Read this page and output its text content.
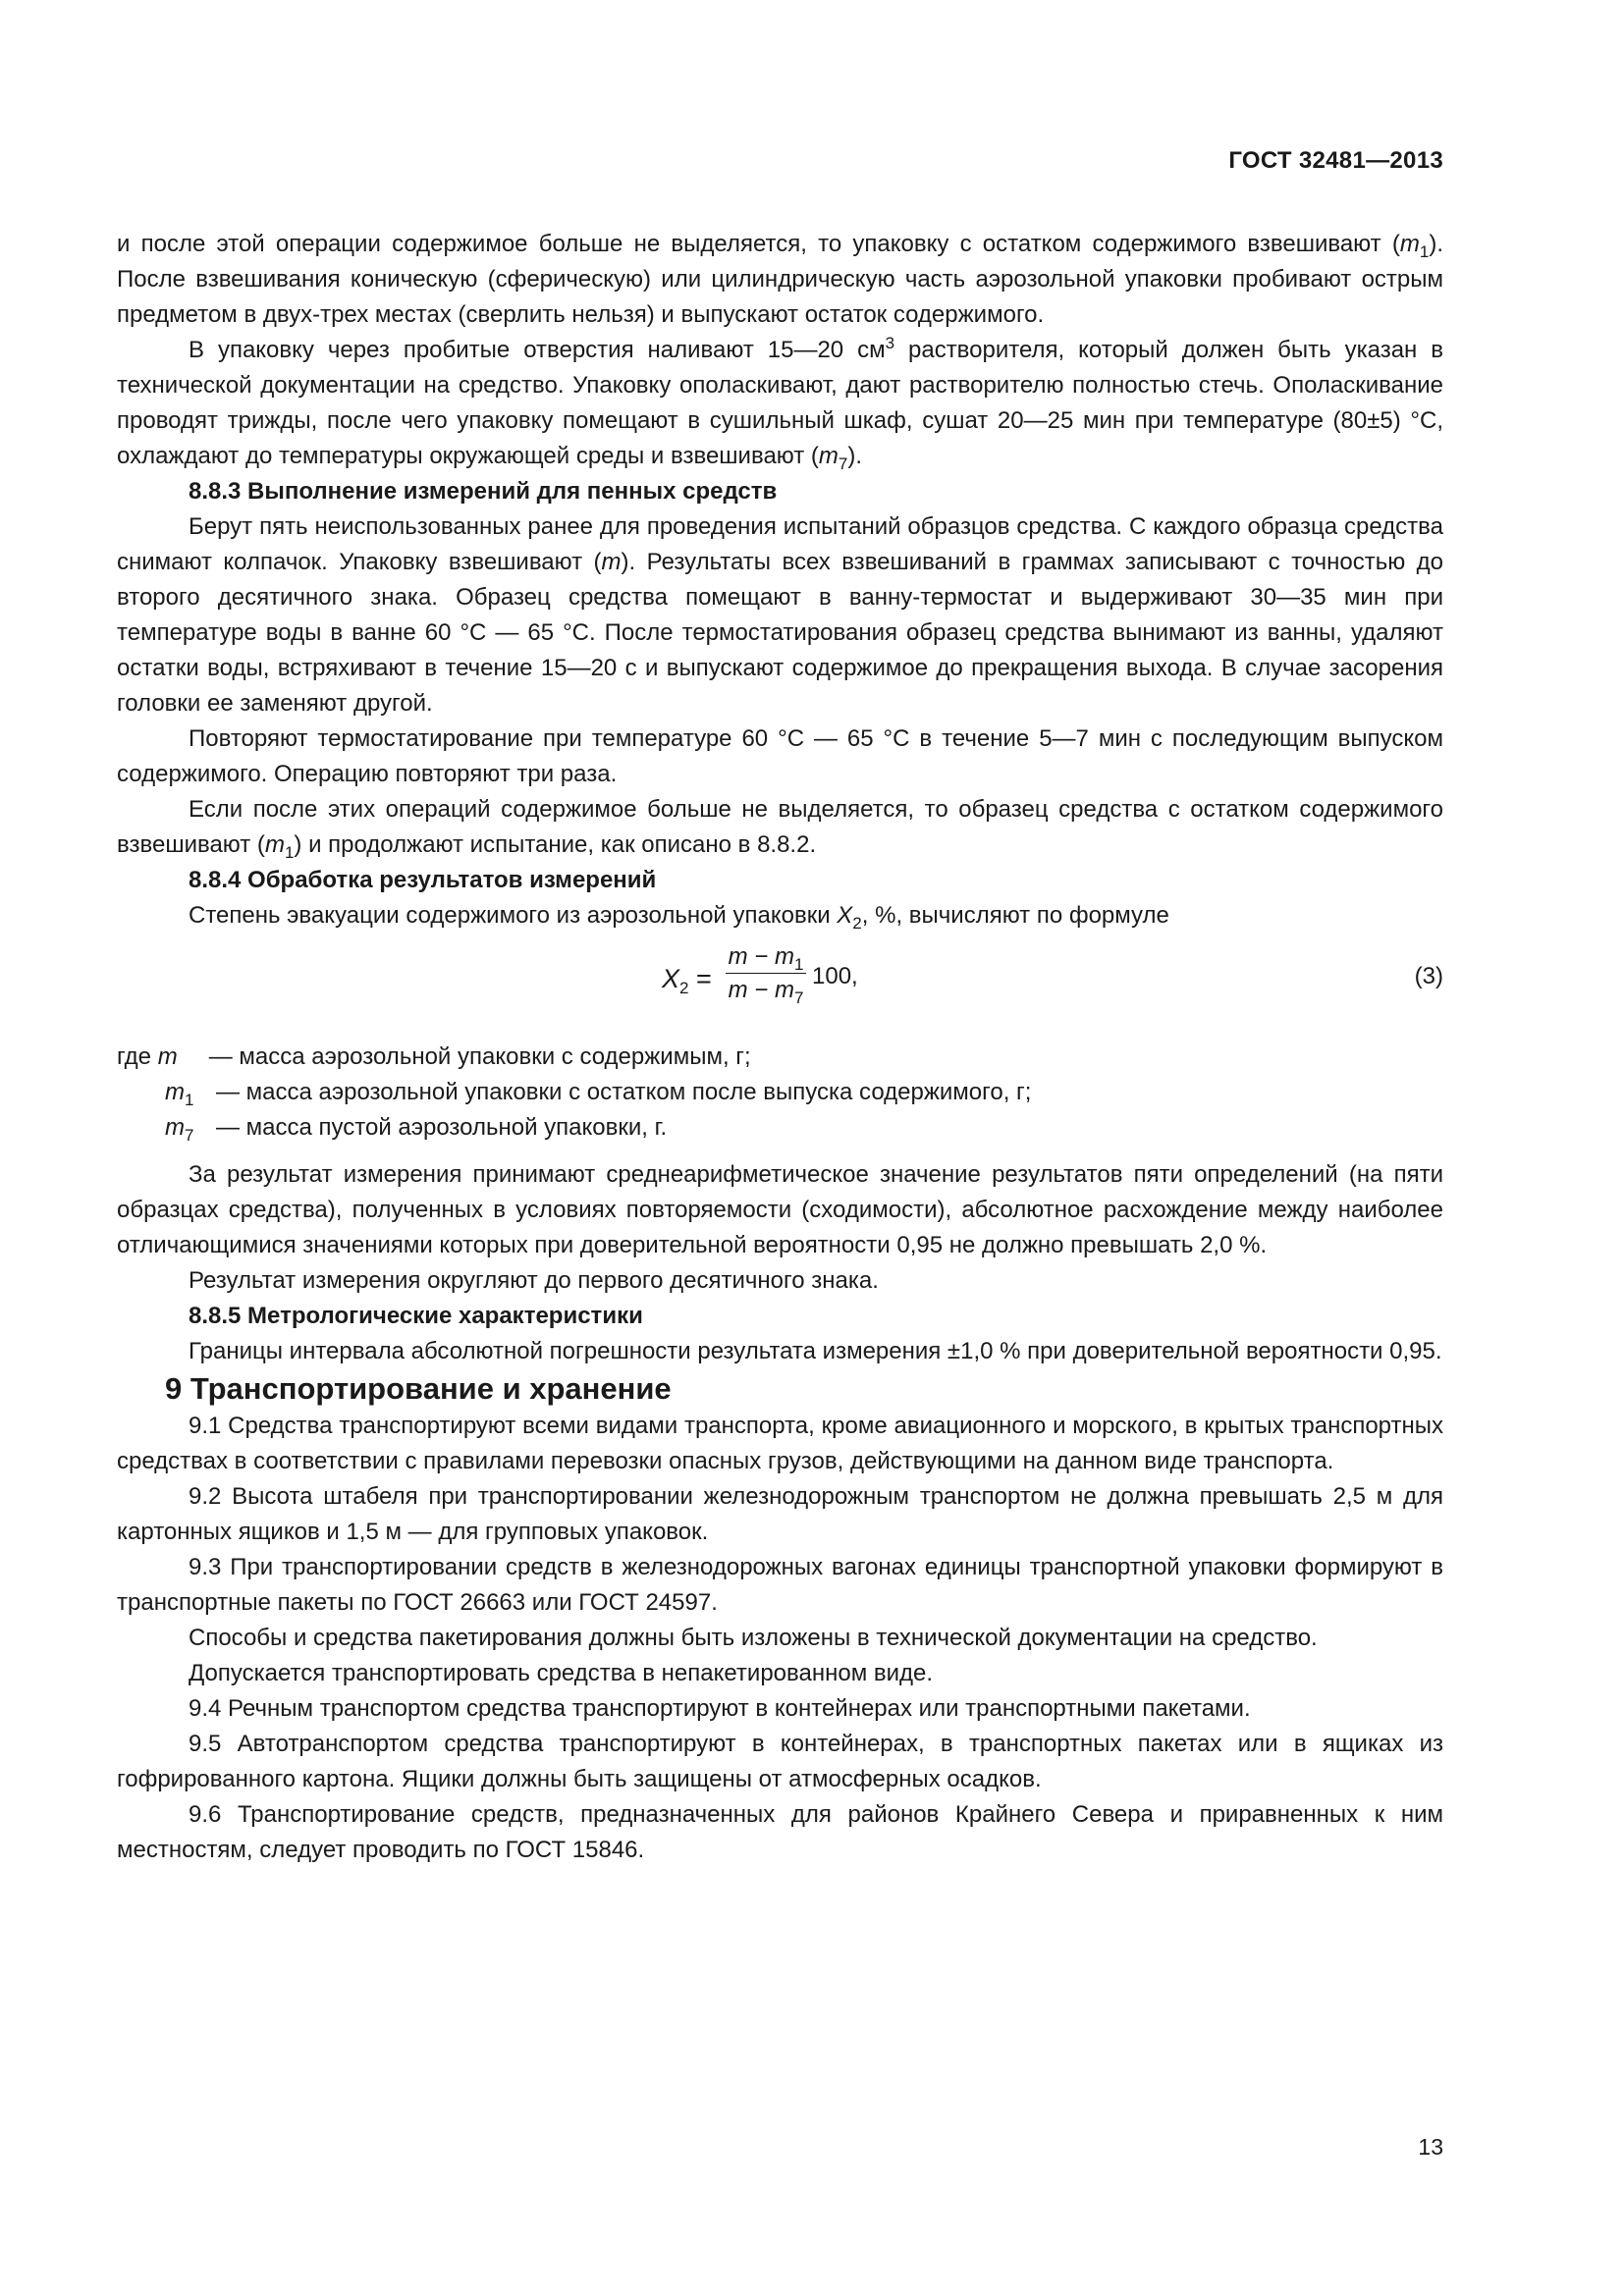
ГОСТ 32481—2013

и после этой операции содержимое больше не выделяется, то упаковку с остатком содержимого взвешивают $(m_1)$. После взвешивания коническую (сферическую) или цилиндрическую часть аэрозольной упаковки пробивают острым предметом в двух-трех местах (сверлить нельзя) и выпускают остаток содержимого.

В упаковку через пробитые отверстия наливают 15—20 $см^3$ растворителя, который должен быть указан в технической документации на средство. Упаковку ополаскивают, дают растворителю полностью стечь. Ополаскивание проводят трижды, после чего упаковку помещают в сушильный шкаф, сушат 20—25 мин при температуре (80±5) °С, охлаждают до температуры окружающей среды и взвешивают $(m_7)$.

8.8.3 Выполнение измерений для пенных средств

Берут пять неиспользованных ранее для проведения испытаний образцов средства. С каждого образца средства снимают колпачок. Упаковку взвешивают (m). Результаты всех взвешиваний в граммах записывают с точностью до второго десятичного знака. Образец средства помещают в ванну-термостат и выдерживают 30—35 мин при температуре воды в ванне 60 °С — 65 °С. После термостатирования образец средства вынимают из ванны, удаляют остатки воды, встряхивают в течение 15—20 с и выпускают содержимое до прекращения выхода. В случае засорения головки ее заменяют другой.

Повторяют термостатирование при температуре 60 °С — 65 °С в течение 5—7 мин с последующим выпуском содержимого. Операцию повторяют три раза.

Если после этих операций содержимое больше не выделяется, то образец средства с остатком содержимого взвешивают $(m_1)$ и продолжают испытание, как описано в 8.8.2.

8.8.4 Обработка результатов измерений

Степень эвакуации содержимого из аэрозольной упаковки $X_2$, %, вычисляют по формуле

$X_2 = \frac{m - m_1}{m - m_7} 100$,	(3)

где m — масса аэрозольной упаковки с содержимым, г;

$m_1$ — масса аэрозольной упаковки с остатком после выпуска содержимого, г;

$m_7$ — масса пустой аэрозольной упаковки, г.

За результат измерения принимают среднеарифметическое значение результатов пяти определений (на пяти образцах средства), полученных в условиях повторяемости (сходимости), абсолютное расхождение между наиболее отличающимися значениями которых при доверительной вероятности 0,95 не должно превышать 2,0 %.

Результат измерения округляют до первого десятичного знака.

8.8.5 Метрологические характеристики

Границы интервала абсолютной погрешности результата измерения ±1,0 % при доверительной вероятности 0,95.

9 Транспортирование и хранение

9.1 Средства транспортируют всеми видами транспорта, кроме авиационного и морского, в крытых транспортных средствах в соответствии с правилами перевозки опасных грузов, действующими на данном виде транспорта.

9.2 Высота штабеля при транспортировании железнодорожным транспортом не должна превышать 2,5 м для картонных ящиков и 1,5 м — для групповых упаковок.

9.3 При транспортировании средств в железнодорожных вагонах единицы транспортной упаковки формируют в транспортные пакеты по ГОСТ 26663 или ГОСТ 24597.

Способы и средства пакетирования должны быть изложены в технической документации на средство.

Допускается транспортировать средства в непакетированном виде.

9.4 Речным транспортом средства транспортируют в контейнерах или транспортными пакетами.

9.5 Автотранспортом средства транспортируют в контейнерах, в транспортных пакетах или в ящиках из гофрированного картона. Ящики должны быть защищены от атмосферных осадков.

9.6 Транспортирование средств, предназначенных для районов Крайнего Севера и приравненных к ним местностям, следует проводить по ГОСТ 15846.

13
